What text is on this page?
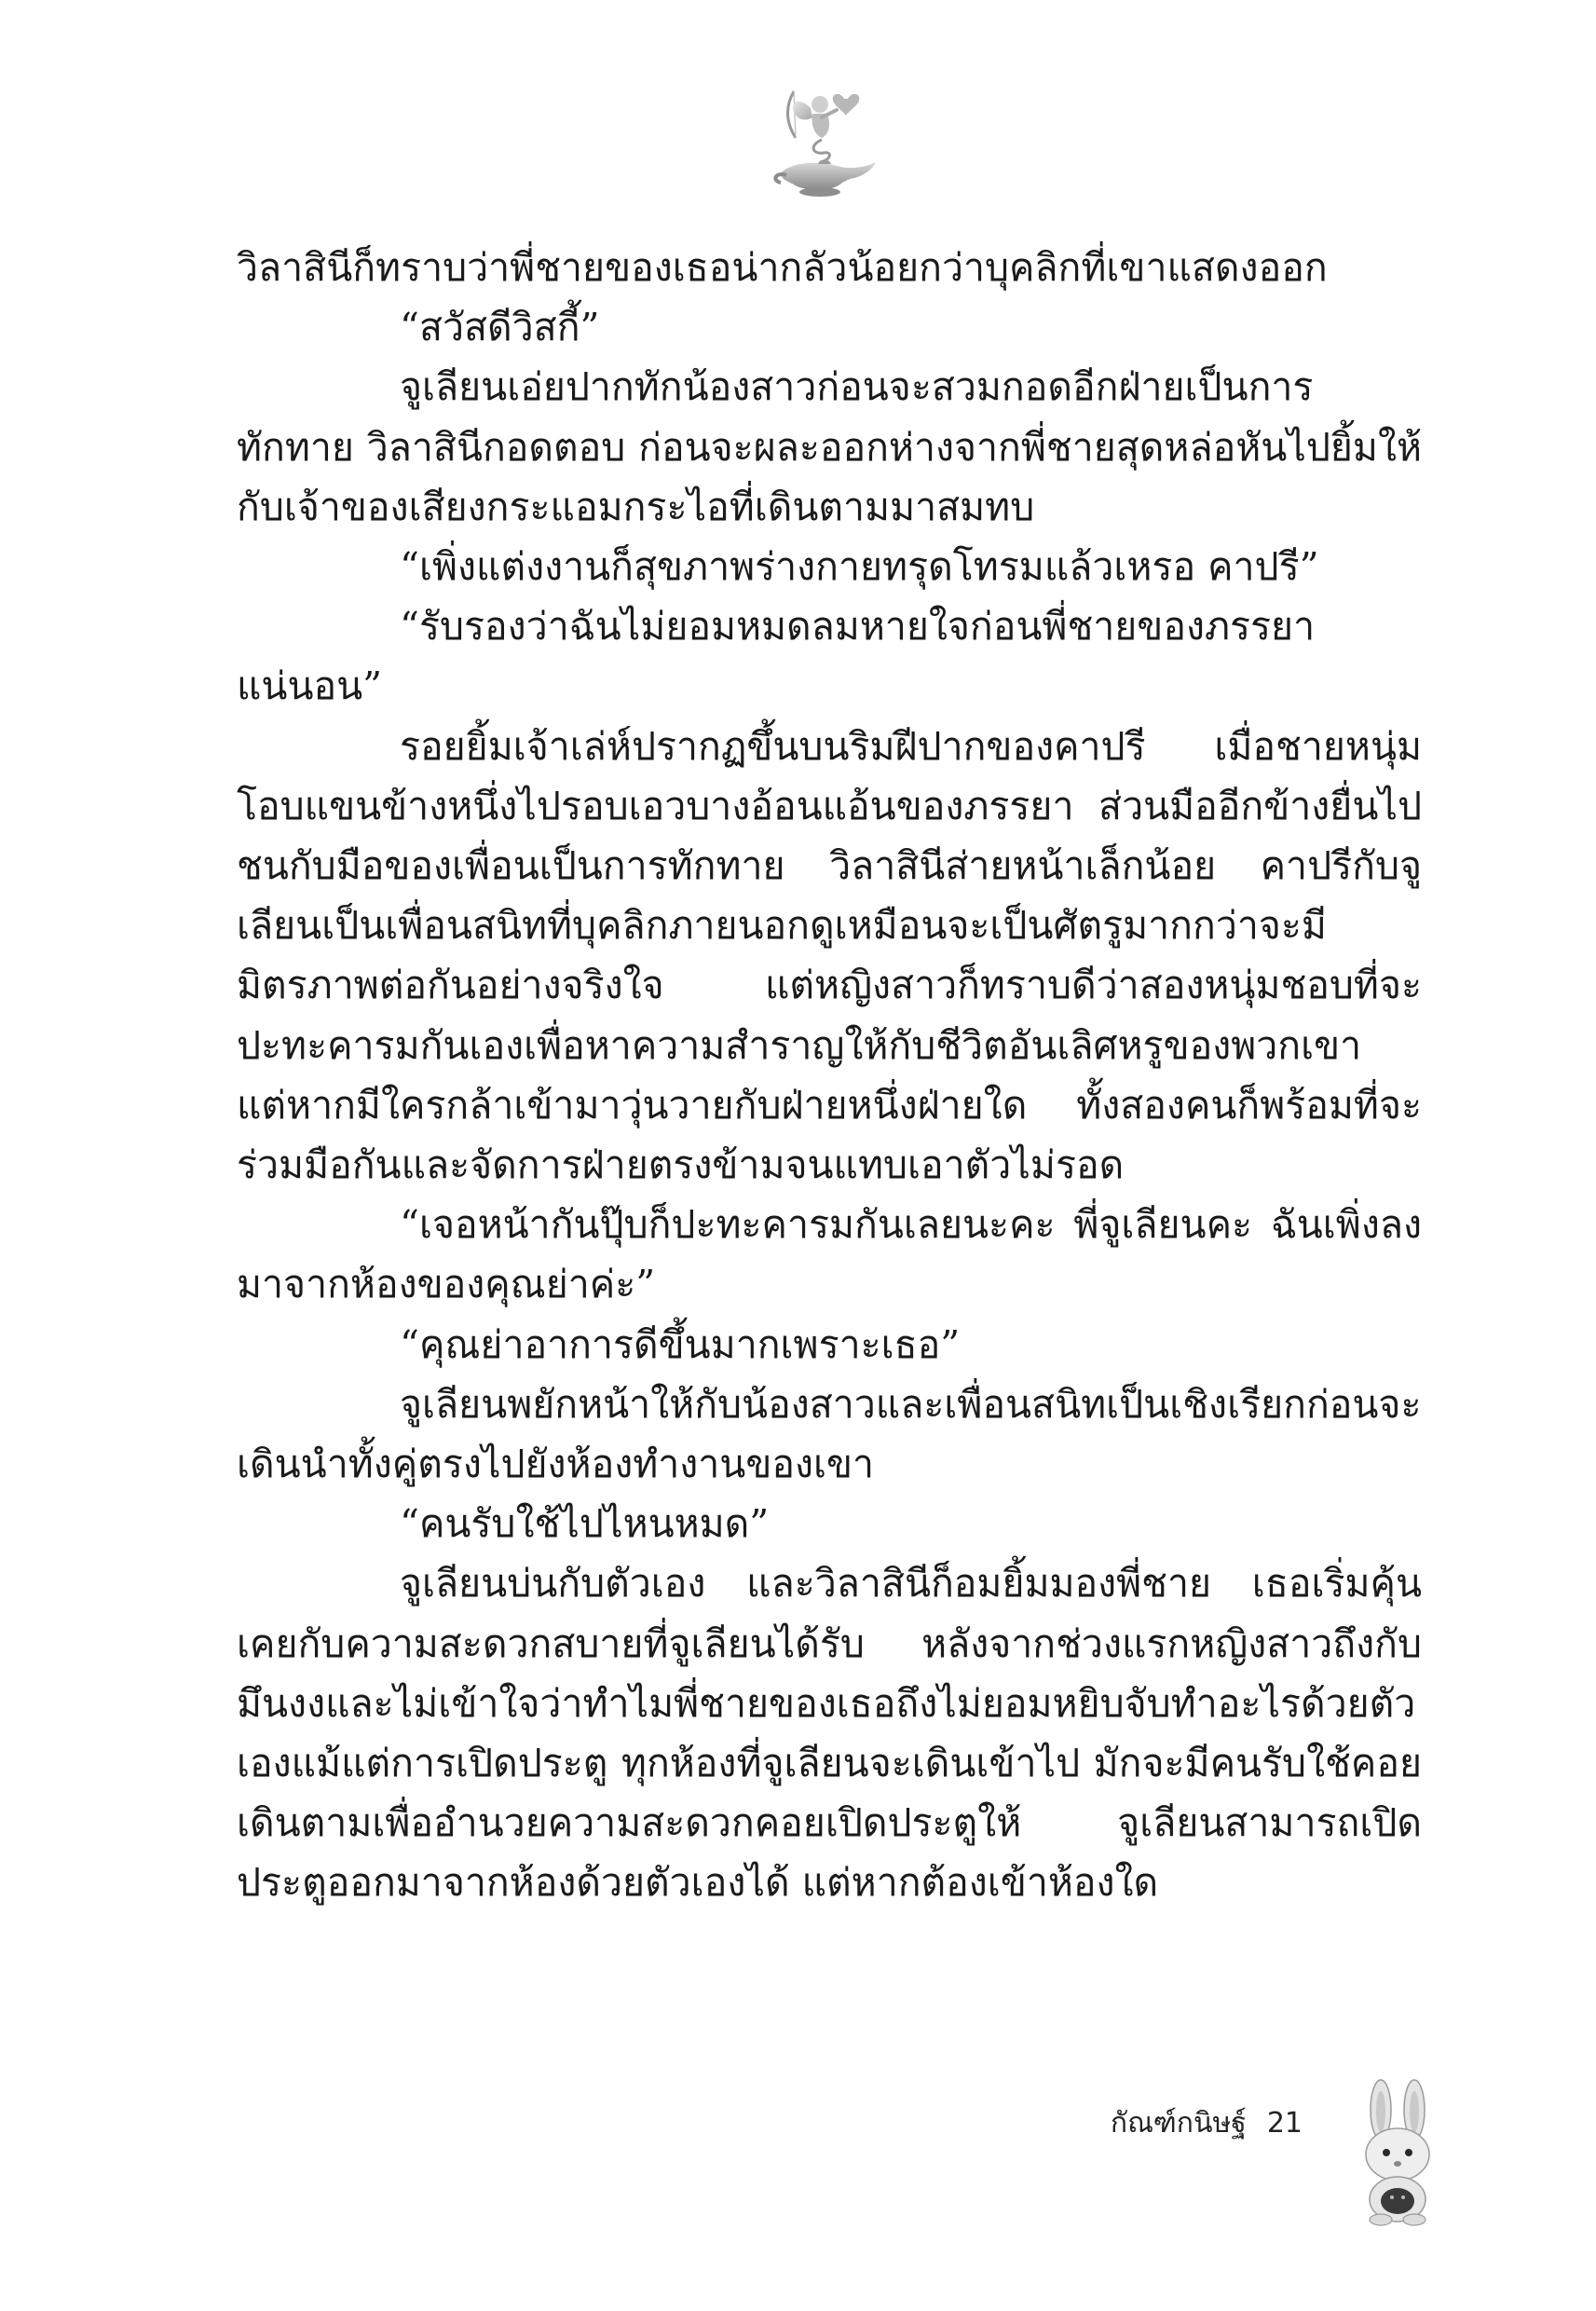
วิลาสินีก็ทราบว่าพี่ชายของเธอน่ากลัวน้อยกว่าบุคลิกที่เขาแสดงออก

“สวัสดีวิสกี้”

จูเลียนเอ่ยปากทักน้องสาวก่อนจะสวมกอดอีกฝ่ายเป็นการทักทาย วิลาสินีกอดตอบ ก่อนจะผละออกห่างจากพี่ชายสุดหล่อหันไปยิ้มให้กับเจ้าของเสียงกระแอมกระไอที่เดินตามมาสมทบ

“เพิ่งแต่งงานก็สุขภาพร่างกายทรุดโทรมแล้วเหรอ คาปรี”

“รับรองว่าฉันไม่ยอมหมดลมหายใจก่อนพี่ชายของภรรยาแน่นอน”

รอยยิ้มเจ้าเล่ห์ปรากฏขึ้นบนริมฝีปากของคาปรี เมื่อชายหนุ่มโอบแขนข้างหนึ่งไปรอบเอวบางอ้อนแอ้นของภรรยา ส่วนมืออีกข้างยื่นไปชนกับมือของเพื่อนเป็นการทักทาย วิลาสินีส่ายหน้าเล็กน้อย คาปรีกับจูเลียนเป็นเพื่อนสนิทที่บุคลิกภายนอกดูเหมือนจะเป็นศัตรูมากกว่าจะมีมิตรภาพต่อกันอย่างจริงใจ แต่หญิงสาวก็ทราบดีว่าสองหนุ่มชอบที่จะปะทะคารมกันเองเพื่อหาความสำราญให้กับชีวิตอันเลิศหรูของพวกเขา แต่หากมีใครกล้าเข้ามาวุ่นวายกับฝ่ายหนึ่งฝ่ายใด ทั้งสองคนก็พร้อมที่จะร่วมมือกันและจัดการฝ่ายตรงข้ามจนแทบเอาตัวไม่รอด

“เจอหน้ากันปุ๊บก็ปะทะคารมกันเลยนะคะ พี่จูเลียนคะ ฉันเพิ่งลงมาจากห้องของคุณย่าค่ะ”

“คุณย่าอาการดีขึ้นมากเพราะเธอ”

จูเลียนพยักหน้าให้กับน้องสาวและเพื่อนสนิทเป็นเชิงเรียกก่อนจะเดินนำทั้งคู่ตรงไปยังห้องทำงานของเขา

“คนรับใช้ไปไหนหมด”

จูเลียนบ่นกับตัวเอง และวิลาสินีก็อมยิ้มมองพี่ชาย เธอเริ่มคุ้นเคยกับความสะดวกสบายที่จูเลียนได้รับ หลังจากช่วงแรกหญิงสาวถึงกับมึนงงและไม่เข้าใจว่าทำไมพี่ชายของเธอถึงไม่ยอมหยิบจับทำอะไรด้วยตัวเองแม้แต่การเปิดประตู ทุกห้องที่จูเลียนจะเดินเข้าไป มักจะมีคนรับใช้คอยเดินตามเพื่ออำนวยความสะดวกคอยเปิดประตูให้ จูเลียนสามารถเปิดประตูออกมาจากห้องด้วยตัวเองได้ แต่หากต้องเข้าห้องใด

กัณฑ์กนิษฐ์ 21
